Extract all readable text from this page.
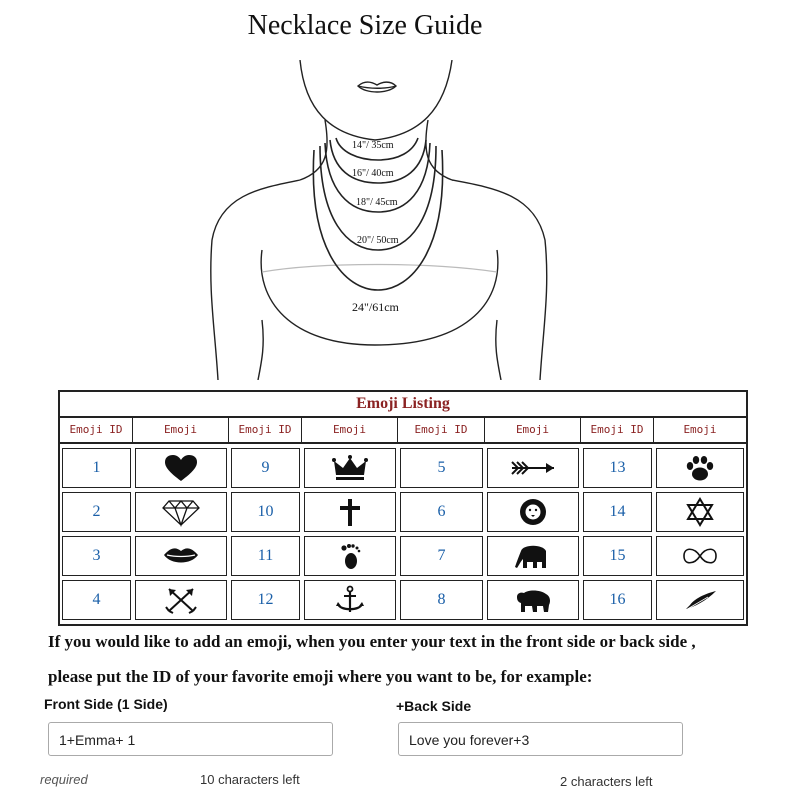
Necklace Size Guide
14"/ 35cm
16"/ 40cm
18"/ 45cm
20"/ 50cm
24"/61cm
Emoji Listing
Emoji ID	Emoji	Emoji ID	Emoji	Emoji ID	Emoji	Emoji ID	Emoji
1	9	5	13
2	10	6	14
3	11	7	15
4	12	8	16
If you would like to add an emoji, when you enter your text in the front side or back side ,
please put the ID of your favorite emoji where you want to be, for example:
Front Side (1 Side)	+Back Side
1+Emma+ 1	Love you forever+3
required	10 characters left	2 characters left
